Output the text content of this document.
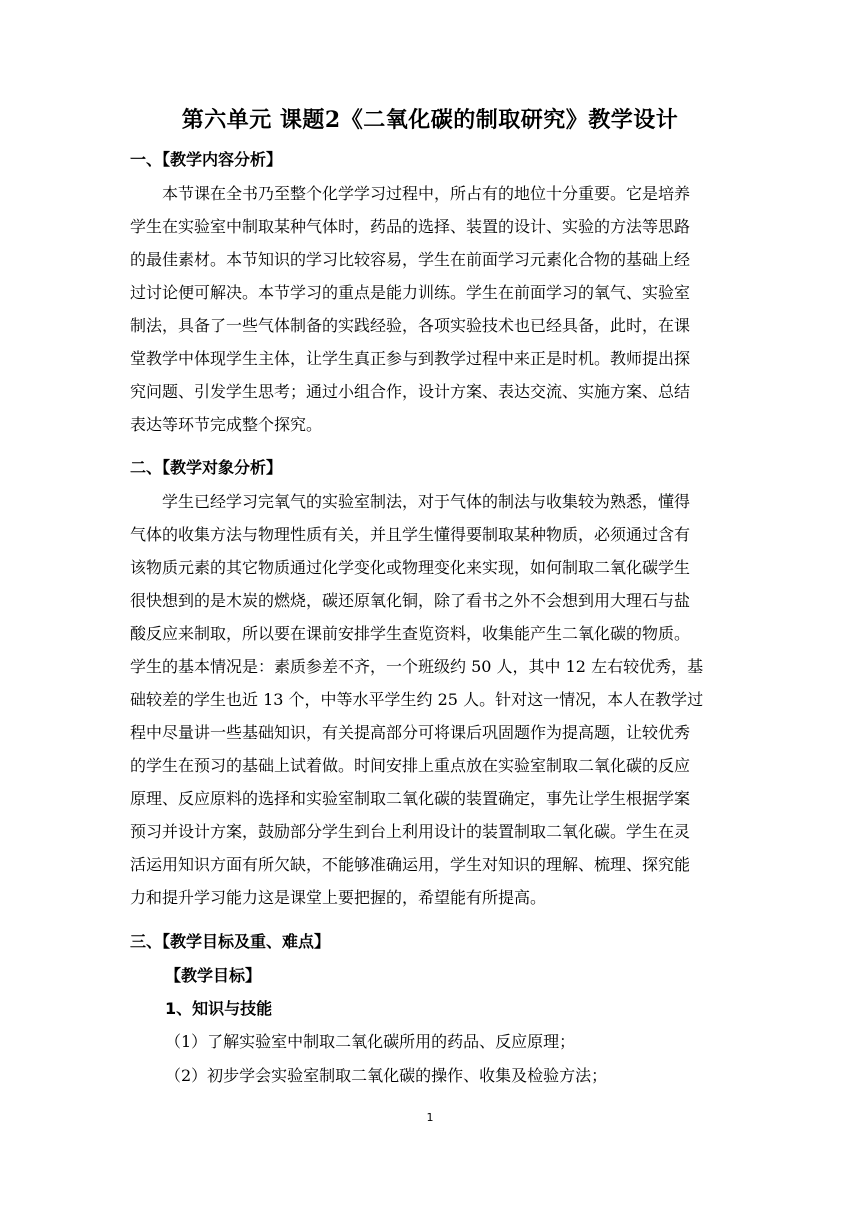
第六单元 课题2《二氧化碳的制取研究》教学设计
一、【教学内容分析】
　　本节课在全书乃至整个化学学习过程中，所占有的地位十分重要。它是培养
学生在实验室中制取某种气体时，药品的选择、装置的设计、实验的方法等思路
的最佳素材。本节知识的学习比较容易，学生在前面学习元素化合物的基础上经
过讨论便可解决。本节学习的重点是能力训练。学生在前面学习的氧气、实验室
制法，具备了一些气体制备的实践经验，各项实验技术也已经具备，此时，在课
堂教学中体现学生主体，让学生真正参与到教学过程中来正是时机。教师提出探
究问题、引发学生思考；通过小组合作，设计方案、表达交流、实施方案、总结
表达等环节完成整个探究。
二、【教学对象分析】
　　学生已经学习完氧气的实验室制法，对于气体的制法与收集较为熟悉，懂得
气体的收集方法与物理性质有关，并且学生懂得要制取某种物质，必须通过含有
该物质元素的其它物质通过化学变化或物理变化来实现，如何制取二氧化碳学生
很快想到的是木炭的燃烧，碳还原氧化铜，除了看书之外不会想到用大理石与盐
酸反应来制取，所以要在课前安排学生查览资料，收集能产生二氧化碳的物质。
学生的基本情况是：素质参差不齐，一个班级约 50 人，其中 12 左右较优秀，基
础较差的学生也近 13 个，中等水平学生约 25 人。针对这一情况，本人在教学过
程中尽量讲一些基础知识，有关提高部分可将课后巩固题作为提高题，让较优秀
的学生在预习的基础上试着做。时间安排上重点放在实验室制取二氧化碳的反应
原理、反应原料的选择和实验室制取二氧化碳的装置确定，事先让学生根据学案
预习并设计方案，鼓励部分学生到台上利用设计的装置制取二氧化碳。学生在灵
活运用知识方面有所欠缺，不能够准确运用，学生对知识的理解、梳理、探究能
力和提升学习能力这是课堂上要把握的，希望能有所提高。
三、【教学目标及重、难点】
【教学目标】
1、知识与技能
（1）了解实验室中制取二氧化碳所用的药品、反应原理；
（2）初步学会实验室制取二氧化碳的操作、收集及检验方法；
1
